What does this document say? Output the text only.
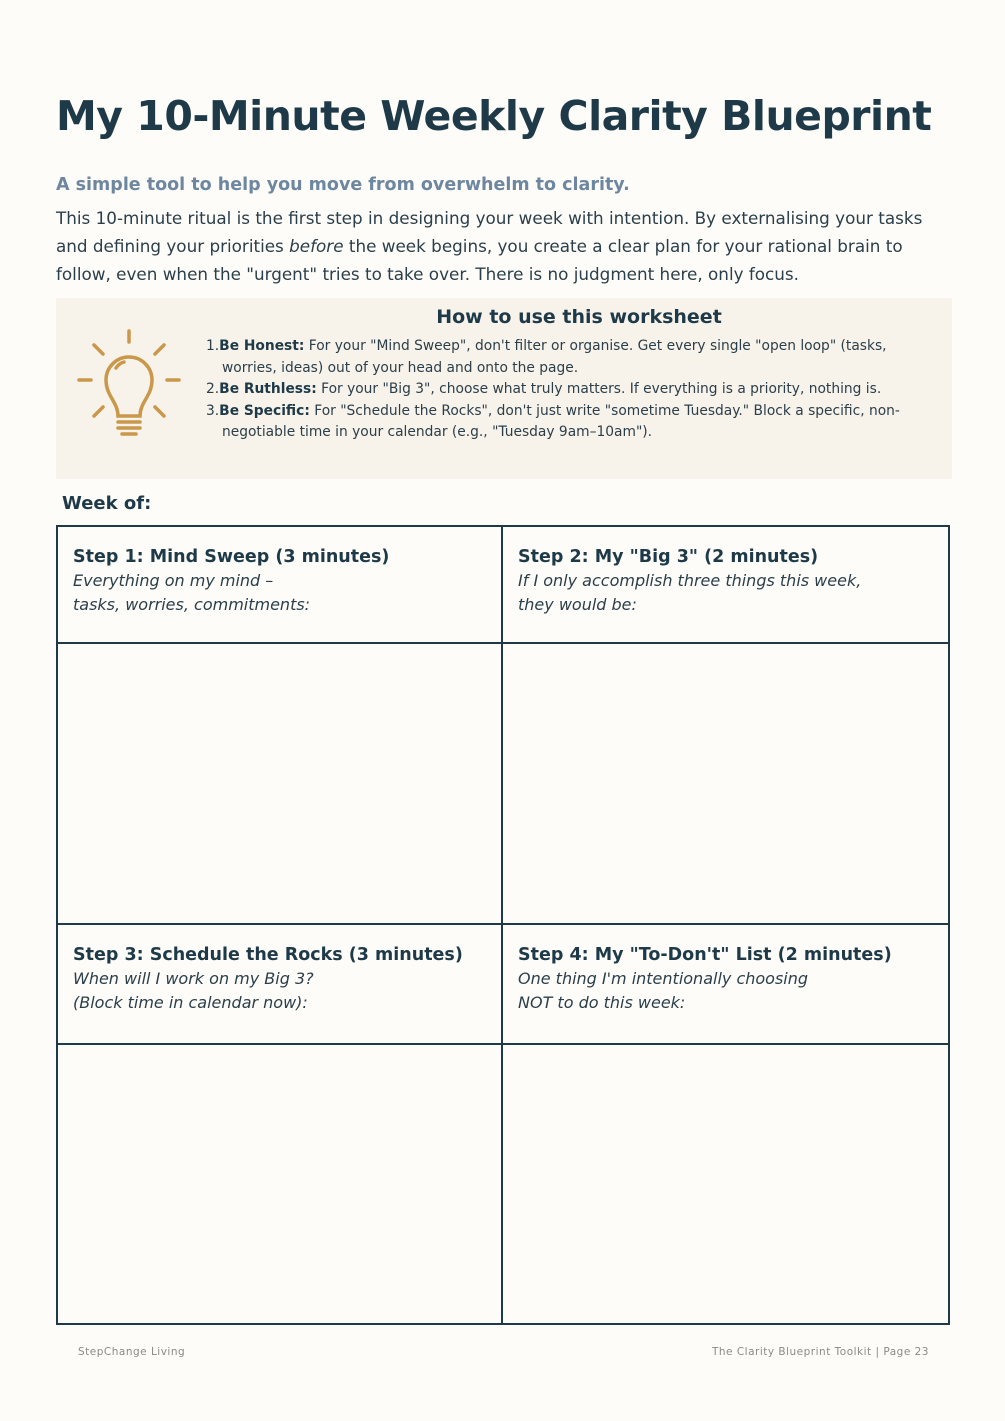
My 10-Minute Weekly Clarity Blueprint
A simple tool to help you move from overwhelm to clarity.

This 10-minute ritual is the first step in designing your week with intention. By externalising your tasks and defining your priorities before the week begins, you create a clear plan for your rational brain to follow, even when the "urgent" tries to take over. There is no judgment here, only focus.

How to use this worksheet
1.Be Honest: For your "Mind Sweep", don't filter or organise. Get every single "open loop" (tasks, worries, ideas) out of your head and onto the page.
2.Be Ruthless: For your "Big 3", choose what truly matters. If everything is a priority, nothing is.
3.Be Specific: For "Schedule the Rocks", don't just write "sometime Tuesday." Block a specific, non-negotiable time in your calendar (e.g., "Tuesday 9am–10am").
Week of:
Step 1: Mind Sweep (3 minutes)

Everything on my mind –
tasks, worries, commitments:

Step 2: My "Big 3" (2 minutes)

If I only accomplish three things this week,
they would be:

Step 3: Schedule the Rocks (3 minutes)

When will I work on my Big 3?
(Block time in calendar now):

Step 4: My "To-Don't" List (2 minutes)

One thing I'm intentionally choosing
NOT to do this week:

StepChange Living	The Clarity Blueprint Toolkit | Page 23
